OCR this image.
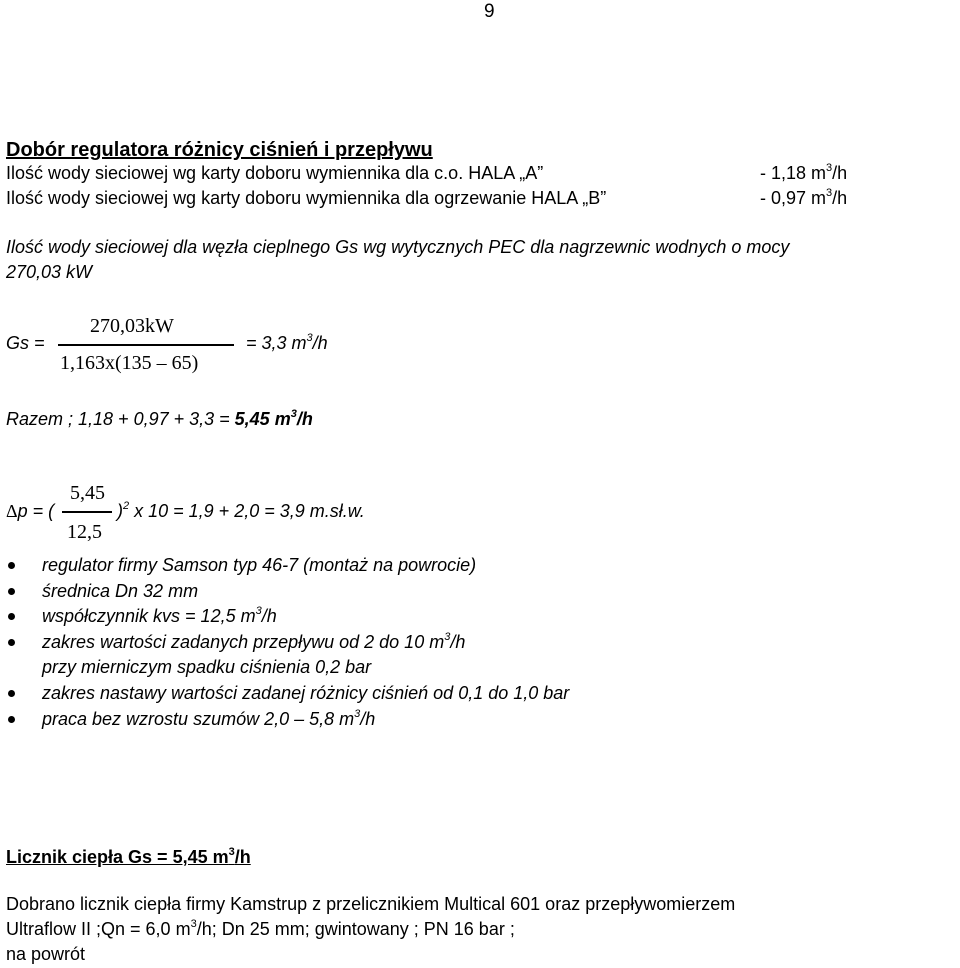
9
Dobór regulatora różnicy ciśnień i przepływu
Ilość wody sieciowej wg karty doboru wymiennika dla c.o. HALA „A”	- 1,18 $m^3/h$
Ilość wody sieciowej wg karty doboru wymiennika dla ogrzewanie HALA „B”	- 0,97 $m^3/h$
Ilość wody sieciowej dla węzła cieplnego Gs wg wytycznych PEC dla nagrzewnic wodnych o mocy
270,03 kW
Gs =
270,03kW
1,163x(135 – 65)
= 3,3 $m^3/h$
Razem ; 1,18 + 0,97 + 3,3 = 5,45 $m^3/h$
Δp = (
5,45
12,5
)$^2$ x 10 = 1,9 + 2,0 = 3,9 m.sł.w.
regulator firmy Samson typ 46-7 (montaż na powrocie)
średnica Dn 32 mm
współczynnik kvs = 12,5 $m^3/h$
zakres wartości zadanych przepływu od 2 do 10 $m^3/h$
przy mierniczym spadku ciśnienia 0,2 bar
zakres nastawy wartości zadanej różnicy ciśnień od 0,1 do 1,0 bar
praca bez wzrostu szumów 2,0 – 5,8 $m^3/h$
Licznik ciepła Gs = 5,45 $m^3/h$
Dobrano licznik ciepła firmy Kamstrup z przelicznikiem Multical 601 oraz przepływomierzem
Ultraflow II ;Qn = 6,0 $m^3/h$; Dn 25 mm; gwintowany ; PN 16 bar ;
na powrót
